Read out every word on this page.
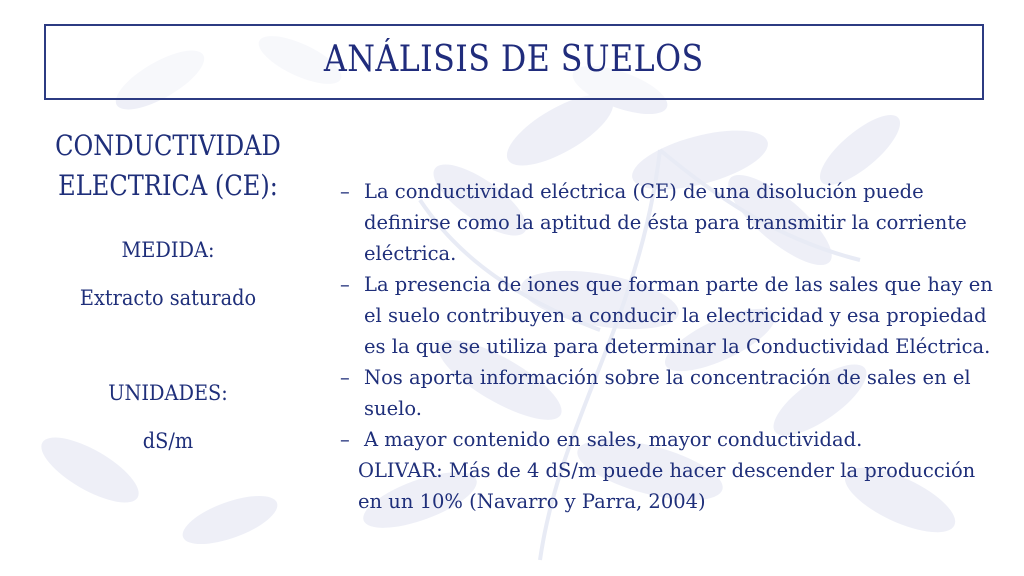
ANÁLISIS DE SUELOS
CONDUCTIVIDAD
ELECTRICA (CE):
MEDIDA:
Extracto saturado
UNIDADES:
dS/m
– La conductividad eléctrica (CE) de una disolución puede definirse como la aptitud de ésta para transmitir la corriente eléctrica.
– La presencia de iones que forman parte de las sales que hay en el suelo contribuyen a conducir la electricidad y esa propiedad es la que se utiliza para determinar la Conductividad Eléctrica.
– Nos aporta información sobre la concentración de sales en el suelo.
– A mayor contenido en sales, mayor conductividad.
OLIVAR: Más de 4 dS/m puede hacer descender la producción en un 10% (Navarro y Parra, 2004)
